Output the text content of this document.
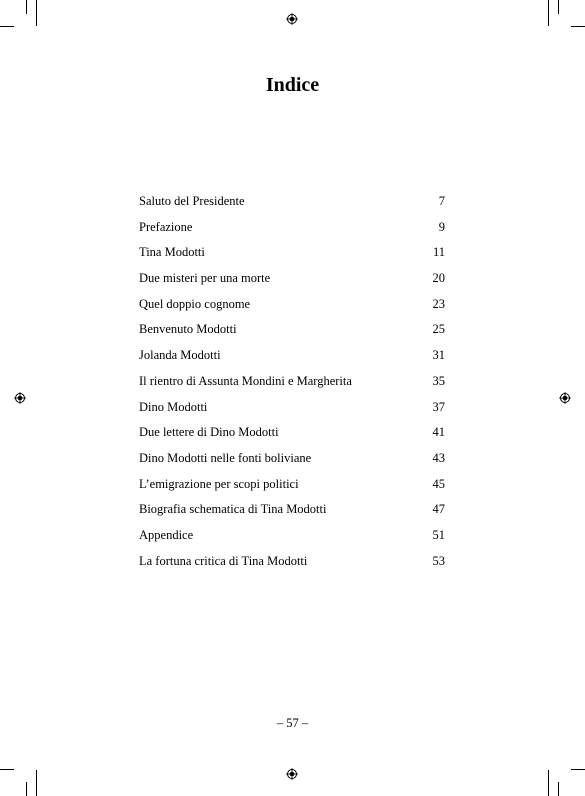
Indice
Saluto del Presidente	7
Prefazione	9
Tina Modotti	11
Due misteri per una morte	20
Quel doppio cognome	23
Benvenuto Modotti	25
Jolanda Modotti	31
Il rientro di Assunta Mondini e Margherita	35
Dino Modotti	37
Due lettere di Dino Modotti	41
Dino Modotti nelle fonti boliviane	43
L’emigrazione per scopi politici	45
Biografia schematica di Tina Modotti	47
Appendice	51
La fortuna critica di Tina Modotti	53
– 57 –
